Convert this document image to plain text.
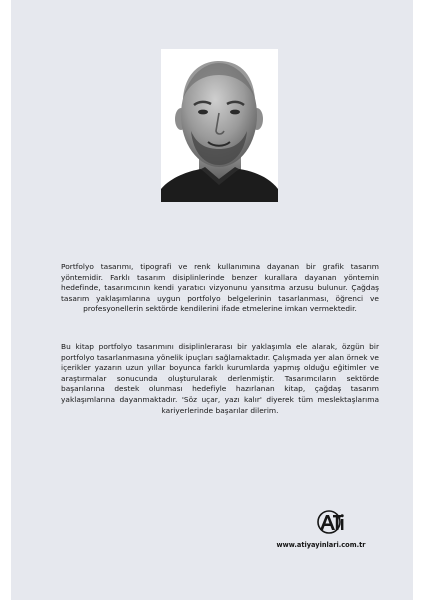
Portfolyo tasarımı, tipografi ve renk kullanımına dayanan bir grafik tasarım yöntemidir. Farklı tasarım disiplinlerinde benzer kurallara dayanan yöntemin hedefinde, tasarımcının kendi yaratıcı vizyonunu yansıtma arzusu bulunur. Çağdaş tasarım yaklaşımlarına uygun portfolyo belgelerinin tasarlanması, öğrenci ve profesyonellerin sektörde kendilerini ifade etmelerine imkan vermektedir.

Bu kitap portfolyo tasarımını disiplinlerarası bir yaklaşımla ele alarak, özgün bir portfolyo tasarlanmasına yönelik ipuçları sağlamaktadır. Çalışmada yer alan örnek ve içerikler yazarın uzun yıllar boyunca farklı kurumlarda yapmış olduğu eğitimler ve araştırmalar sonucunda oluşturularak derlenmiştir. Tasarımcıların sektörde başarılarına destek olunması hedefiyle hazırlanan kitap, çağdaş tasarım yaklaşımlarına dayanmaktadır. 'Söz uçar, yazı kalır' diyerek tüm meslektaşlarıma kariyerlerinde başarılar dilerim.

www.atiyayinlari.com.tr
